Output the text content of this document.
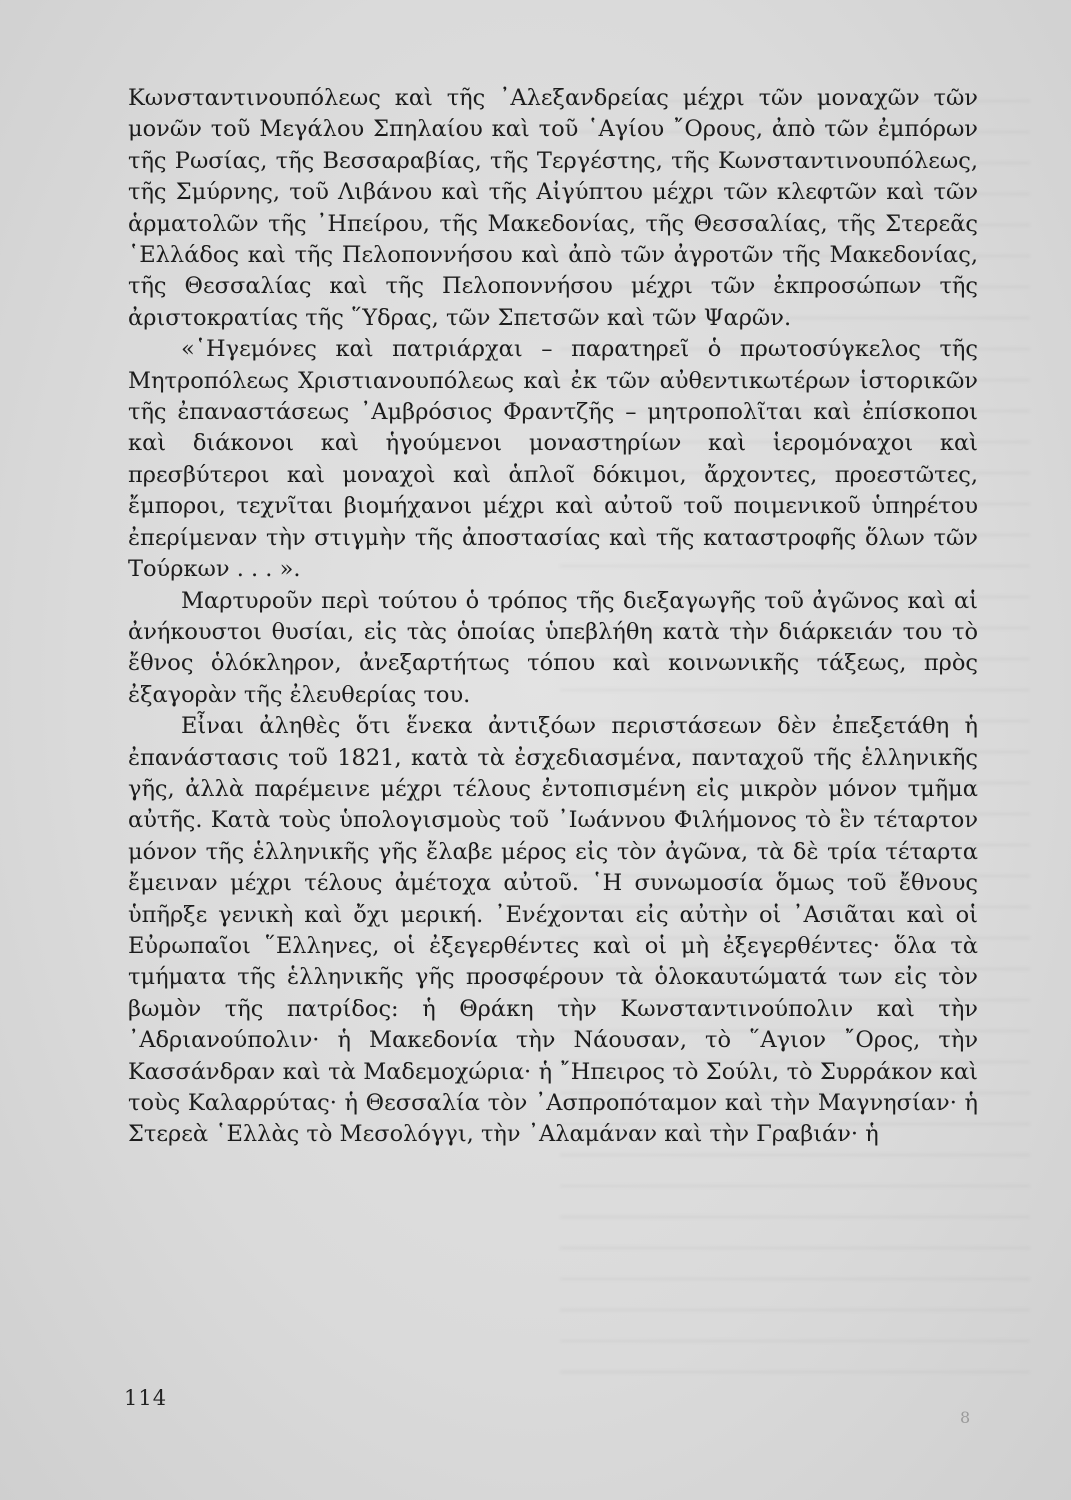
Κωνσταντινουπόλεως καὶ τῆς ᾿Αλεξανδρείας μέχρι τῶν μοναχῶν τῶν μονῶν τοῦ Μεγάλου Σπηλαίου καὶ τοῦ ῾Αγίου ῎Ορους, ἀπὸ τῶν ἐμπόρων τῆς Ρωσίας, τῆς Βεσσαραβίας, τῆς Τεργέστης, τῆς Κωνσταντινουπόλεως, τῆς Σμύρνης, τοῦ Λιβάνου καὶ τῆς Αἰγύπτου μέχρι τῶν κλεφτῶν καὶ τῶν ἁρματολῶν τῆς ᾿Ηπείρου, τῆς Μακεδονίας, τῆς Θεσσαλίας, τῆς Στερεᾶς ῾Ελλάδος καὶ τῆς Πελοποννήσου καὶ ἀπὸ τῶν ἀγροτῶν τῆς Μακεδονίας, τῆς Θεσσαλίας καὶ τῆς Πελοποννήσου μέχρι τῶν ἐκπροσώπων τῆς ἀριστοκρατίας τῆς ῞Υδρας, τῶν Σπετσῶν καὶ τῶν Ψαρῶν.

«῾Ηγεμόνες καὶ πατριάρχαι – παρατηρεῖ ὁ πρωτοσύγκελος τῆς Μητροπόλεως Χριστιανουπόλεως καὶ ἐκ τῶν αὐθεντικωτέρων ἱστορικῶν τῆς ἐπαναστάσεως ᾿Αμβρόσιος Φραντζῆς – μητροπολῖται καὶ ἐπίσκοποι καὶ διάκονοι καὶ ἡγούμενοι μοναστηρίων καὶ ἱερομόναχοι καὶ πρεσβύτεροι καὶ μοναχοὶ καὶ ἁπλοῖ δόκιμοι, ἄρχοντες, προεστῶτες, ἔμποροι, τεχνῖται βιομήχανοι μέχρι καὶ αὐτοῦ τοῦ ποιμενικοῦ ὑπηρέτου ἐπερίμεναν τὴν στιγμὴν τῆς ἀποστασίας καὶ τῆς καταστροφῆς ὅλων τῶν Τούρκων . . . ».

Μαρτυροῦν περὶ τούτου ὁ τρόπος τῆς διεξαγωγῆς τοῦ ἀγῶνος καὶ αἱ ἀνήκουστοι θυσίαι, εἰς τὰς ὁποίας ὑπεβλήθη κατὰ τὴν διάρκειάν του τὸ ἔθνος ὁλόκληρον, ἀνεξαρτήτως τόπου καὶ κοινωνικῆς τάξεως, πρὸς ἐξαγορὰν τῆς ἐλευθερίας του.

Εἶναι ἀληθὲς ὅτι ἕνεκα ἀντιξόων περιστάσεων δὲν ἐπεξετάθη ἡ ἐπανάστασις τοῦ 1821, κατὰ τὰ ἐσχεδιασμένα, πανταχοῦ τῆς ἑλληνικῆς γῆς, ἀλλὰ παρέμεινε μέχρι τέλους ἐντοπισμένη εἰς μικρὸν μόνον τμῆμα αὐτῆς. Κατὰ τοὺς ὑπολογισμοὺς τοῦ ᾿Ιωάννου Φιλήμονος τὸ ἓν τέταρτον μόνον τῆς ἑλληνικῆς γῆς ἔλαβε μέρος εἰς τὸν ἀγῶνα, τὰ δὲ τρία τέταρτα ἔμειναν μέχρι τέλους ἀμέτοχα αὐτοῦ. ῾Η συνωμοσία ὅμως τοῦ ἔθνους ὑπῆρξε γενικὴ καὶ ὄχι μερική. ᾿Ενέχονται εἰς αὐτὴν οἱ ᾿Ασιᾶται καὶ οἱ Εὐρωπαῖοι ῞Ελληνες, οἱ ἐξεγερθέντες καὶ οἱ μὴ ἐξεγερθέντες· ὅλα τὰ τμήματα τῆς ἑλληνικῆς γῆς προσφέρουν τὰ ὁλοκαυτώματά των εἰς τὸν βωμὸν τῆς πατρίδος: ἡ Θράκη τὴν Κωνσταντινούπολιν καὶ τὴν ᾿Αδριανούπολιν· ἡ Μακεδονία τὴν Νάουσαν, τὸ ῞Αγιον ῎Ορος, τὴν Κασσάνδραν καὶ τὰ Μαδεμοχώρια· ἡ ῎Ηπειρος τὸ Σούλι, τὸ Συρράκον καὶ τοὺς Καλαρρύτας· ἡ Θεσσαλία τὸν ᾿Ασπροπόταμον καὶ τὴν Μαγνησίαν· ἡ Στερεὰ ῾Ελλὰς τὸ Μεσολόγγι, τὴν ᾿Αλαμάναν καὶ τὴν Γραβιάν· ἡ

114
8
